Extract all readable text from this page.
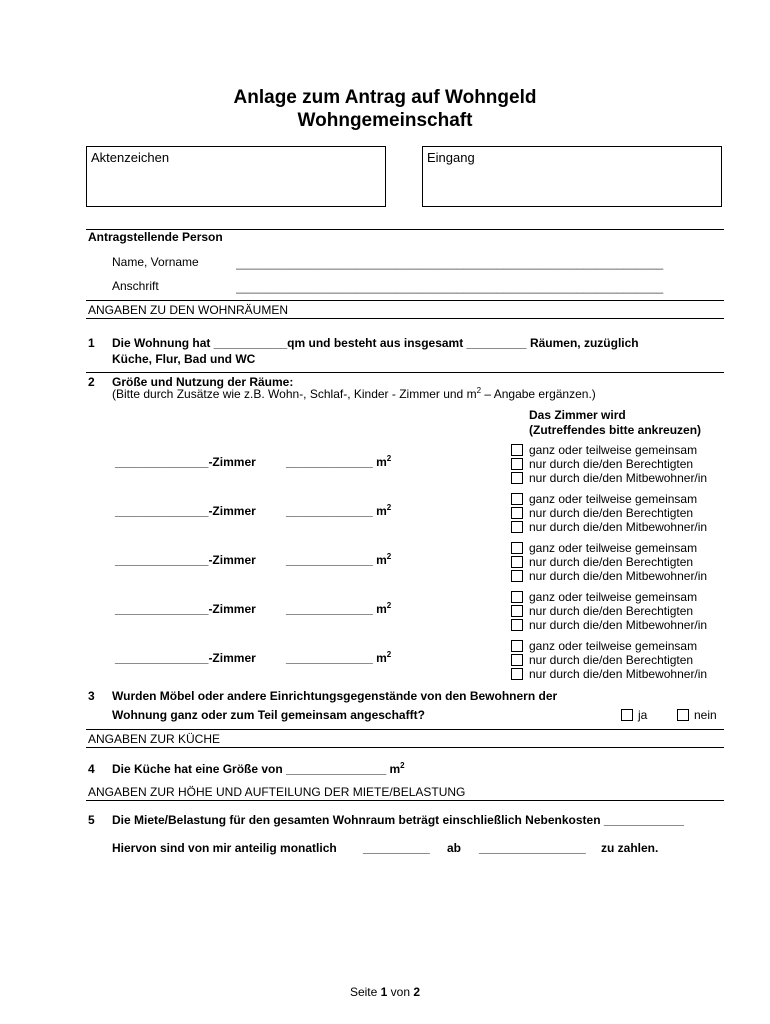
Anlage zum Antrag auf Wohngeld
Wohngemeinschaft
Aktenzeichen	Eingang
Antragstellende Person
Name, Vorname	________________________________________________________________
Anschrift	________________________________________________________________
ANGABEN ZU DEN WOHNRÄUMEN
1 Die Wohnung hat ___________qm und besteht aus insgesamt _________ Räumen, zuzüglich
Küche, Flur, Bad und WC
2 Größe und Nutzung der Räume:
(Bitte durch Zusätze wie z.B. Wohn-, Schlaf-, Kinder - Zimmer und $m^2$ – Angabe ergänzen.)
Das Zimmer wird
(Zutreffendes bitte ankreuzen)
______________-Zimmer	_____________ $m^2$
ganz oder teilweise gemeinsam
nur durch die/den Berechtigten
nur durch die/den Mitbewohner/in
______________-Zimmer	_____________ $m^2$
ganz oder teilweise gemeinsam
nur durch die/den Berechtigten
nur durch die/den Mitbewohner/in
______________-Zimmer	_____________ $m^2$
ganz oder teilweise gemeinsam
nur durch die/den Berechtigten
nur durch die/den Mitbewohner/in
______________-Zimmer	_____________ $m^2$
ganz oder teilweise gemeinsam
nur durch die/den Berechtigten
nur durch die/den Mitbewohner/in
______________-Zimmer	_____________ $m^2$
ganz oder teilweise gemeinsam
nur durch die/den Berechtigten
nur durch die/den Mitbewohner/in
3 Wurden Möbel oder andere Einrichtungsgegenstände von den Bewohnern der
Wohnung ganz oder zum Teil gemeinsam angeschafft?	ja	nein
ANGABEN ZUR KÜCHE
4 Die Küche hat eine Größe von _______________ $m^2$
ANGABEN ZUR HÖHE UND AUFTEILUNG DER MIETE/BELASTUNG
5 Die Miete/Belastung für den gesamten Wohnraum beträgt einschließlich Nebenkosten ____________
Hiervon sind von mir anteilig monatlich __________ ab ________________ zu zahlen.
Seite 1 von 2
